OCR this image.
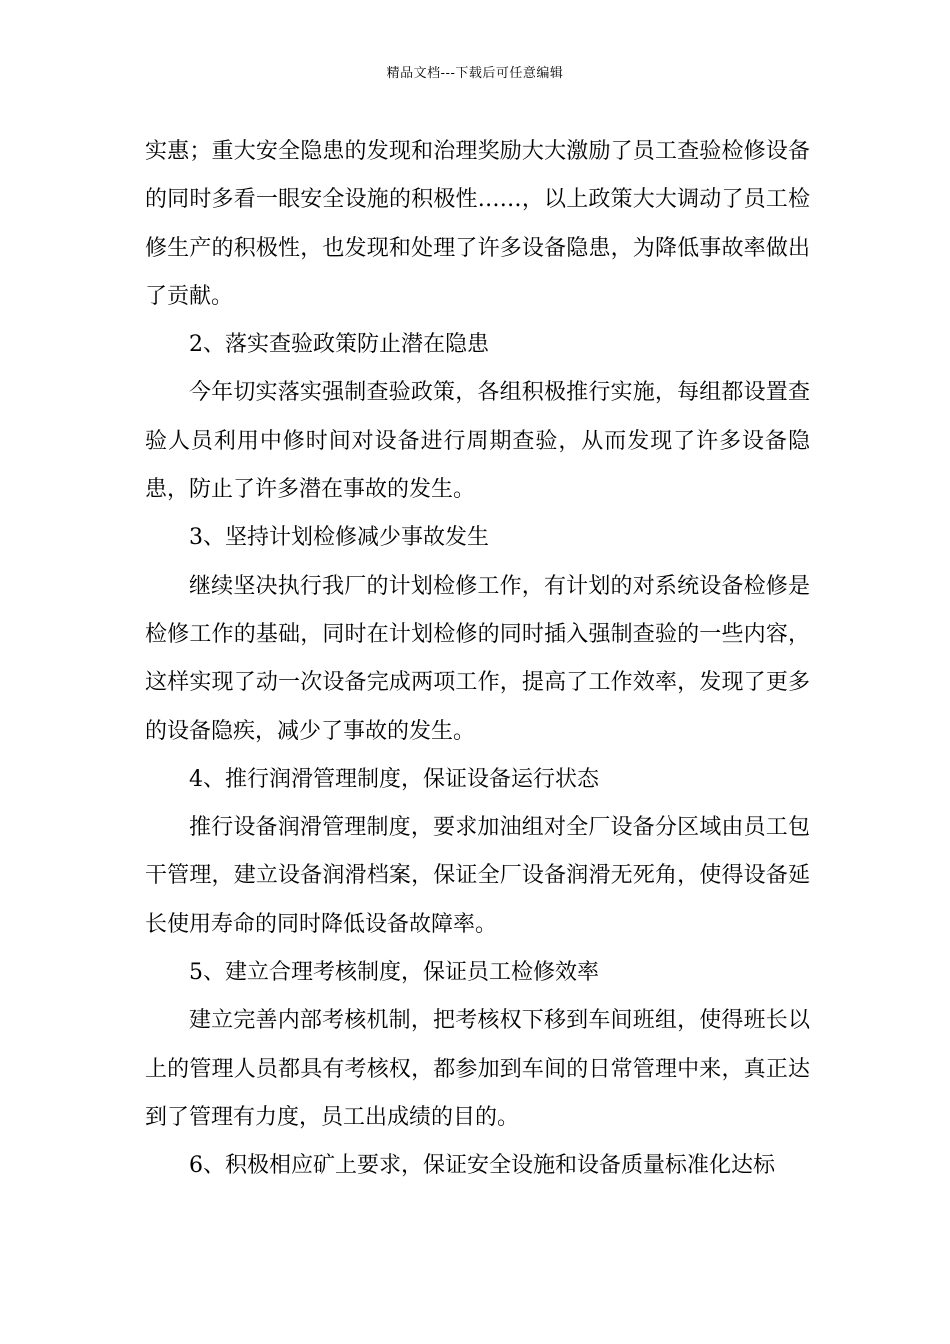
精品文档---下载后可任意编辑

实惠；重大安全隐患的发现和治理奖励大大激励了员工查验检修设备的同时多看一眼安全设施的积极性……，以上政策大大调动了员工检修生产的积极性，也发现和处理了许多设备隐患，为降低事故率做出了贡献。

2、落实查验政策防止潜在隐患

今年切实落实强制查验政策，各组积极推行实施，每组都设置查验人员利用中修时间对设备进行周期查验，从而发现了许多设备隐患，防止了许多潜在事故的发生。

3、坚持计划检修减少事故发生

继续坚决执行我厂的计划检修工作，有计划的对系统设备检修是检修工作的基础，同时在计划检修的同时插入强制查验的一些内容，这样实现了动一次设备完成两项工作，提高了工作效率，发现了更多的设备隐疾，减少了事故的发生。

4、推行润滑管理制度，保证设备运行状态

推行设备润滑管理制度，要求加油组对全厂设备分区域由员工包干管理，建立设备润滑档案，保证全厂设备润滑无死角，使得设备延长使用寿命的同时降低设备故障率。

5、建立合理考核制度，保证员工检修效率

建立完善内部考核机制，把考核权下移到车间班组，使得班长以上的管理人员都具有考核权，都参加到车间的日常管理中来，真正达到了管理有力度，员工出成绩的目的。

6、积极相应矿上要求，保证安全设施和设备质量标准化达标
